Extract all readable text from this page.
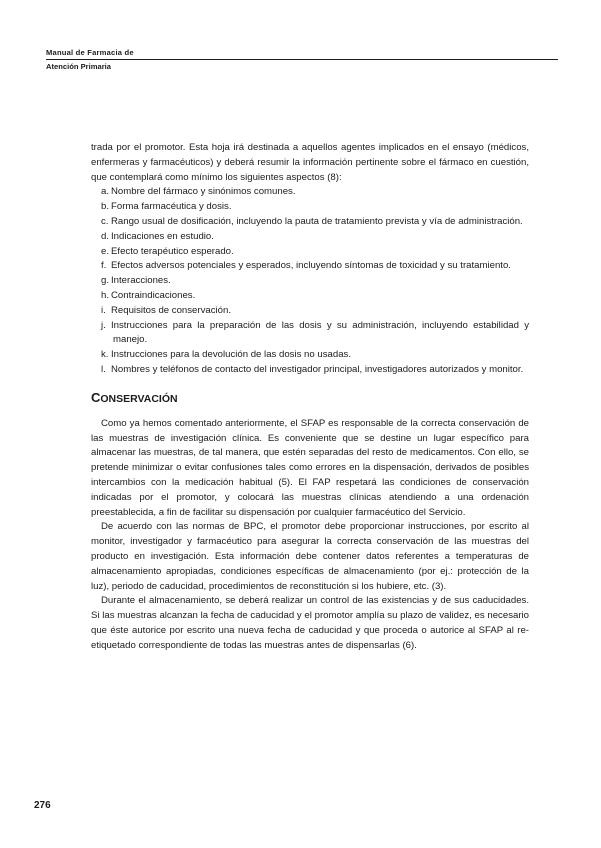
Manual de Farmacia de
Atención Primaria

trada por el promotor. Esta hoja irá destinada a aquellos agentes implicados en el ensayo (médicos, enfermeras y farmacéuticos) y deberá resumir la información pertinente sobre el fármaco en cuestión, que contemplará como mínimo los siguientes aspectos (8):

a. Nombre del fármaco y sinónimos comunes.
b. Forma farmacéutica y dosis.
c. Rango usual de dosificación, incluyendo la pauta de tratamiento prevista y vía de administración.
d. Indicaciones en estudio.
e. Efecto terapéutico esperado.
f. Efectos adversos potenciales y esperados, incluyendo síntomas de toxicidad y su tratamiento.
g. Interacciones.
h. Contraindicaciones.
i. Requisitos de conservación.
j. Instrucciones para la preparación de las dosis y su administración, incluyendo estabilidad y manejo.
k. Instrucciones para la devolución de las dosis no usadas.
l. Nombres y teléfonos de contacto del investigador principal, investigadores autorizados y monitor.
CONSERVACIÓN

Como ya hemos comentado anteriormente, el SFAP es responsable de la correcta conservación de las muestras de investigación clínica. Es conveniente que se destine un lugar específico para almacenar las muestras, de tal manera, que estén separadas del resto de medicamentos. Con ello, se pretende minimizar o evitar confusiones tales como errores en la dispensación, derivados de posibles intercambios con la medicación habitual (5). El FAP respetará las condiciones de conservación indicadas por el promotor, y colocará las muestras clínicas atendiendo a una ordenación preestablecida, a fin de facilitar su dispensación por cualquier farmacéutico del Servicio.

De acuerdo con las normas de BPC, el promotor debe proporcionar instrucciones, por escrito al monitor, investigador y farmacéutico para asegurar la correcta conservación de las muestras del producto en investigación. Esta información debe contener datos referentes a temperaturas de almacenamiento apropiadas, condiciones específicas de almacenamiento (por ej.: protección de la luz), periodo de caducidad, procedimientos de reconstitución si los hubiere, etc. (3).

Durante el almacenamiento, se deberá realizar un control de las existencias y de sus caducidades. Si las muestras alcanzan la fecha de caducidad y el promotor amplía su plazo de validez, es necesario que éste autorice por escrito una nueva fecha de caducidad y que proceda o autorice al SFAP al re-etiquetado correspondiente de todas las muestras antes de dispensarlas (6).

276
